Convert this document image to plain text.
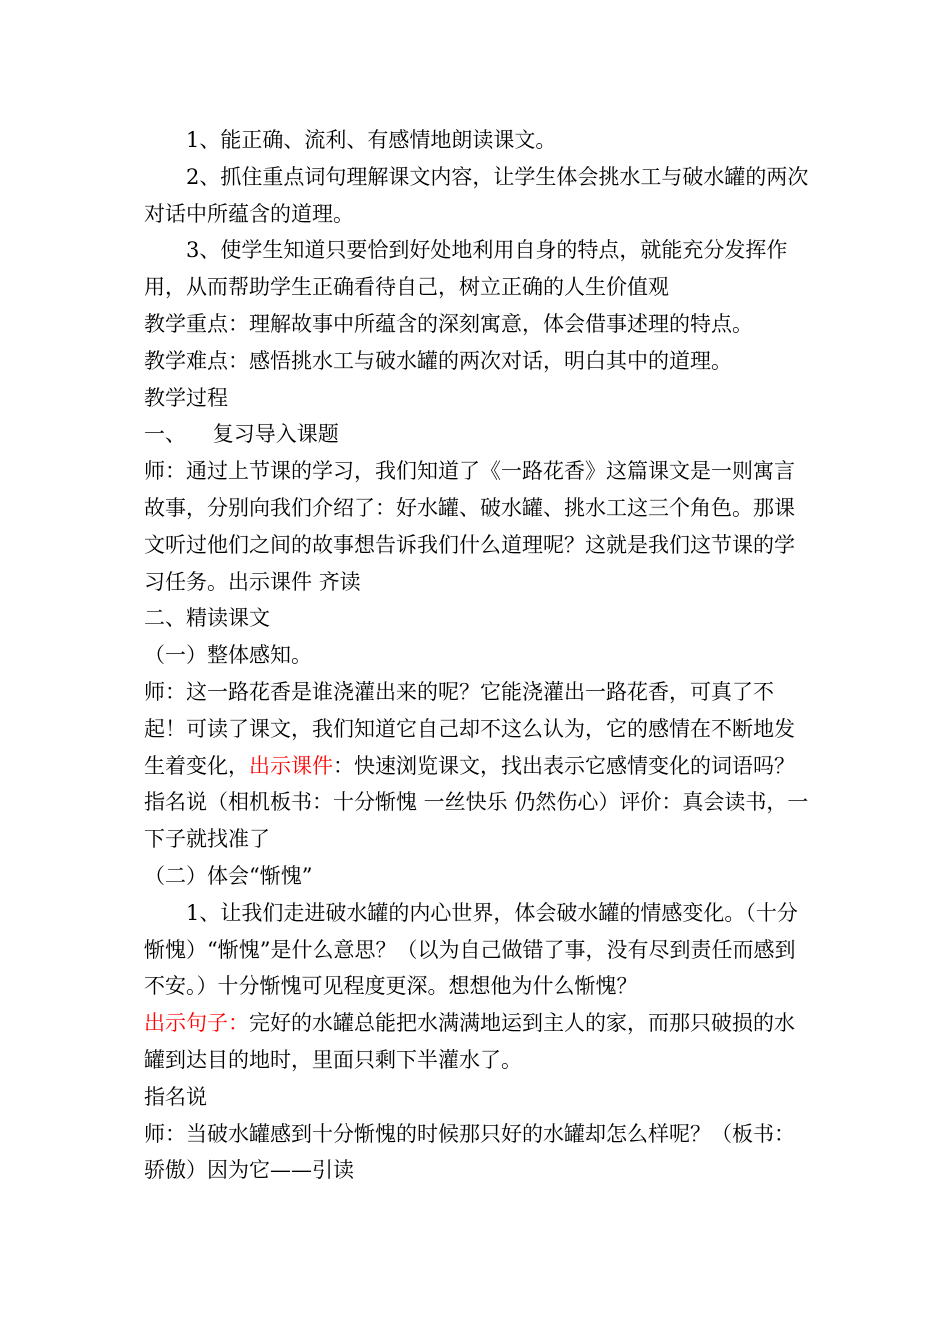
1、能正确、流利、有感情地朗读课文。

2、抓住重点词句理解课文内容，让学生体会挑水工与破水罐的两次对话中所蕴含的道理。

3、使学生知道只要恰到好处地利用自身的特点，就能充分发挥作用，从而帮助学生正确看待自己，树立正确的人生价值观

教学重点：理解故事中所蕴含的深刻寓意，体会借事述理的特点。

教学难点：感悟挑水工与破水罐的两次对话，明白其中的道理。

教学过程

一、    复习导入课题

师：通过上节课的学习，我们知道了《一路花香》这篇课文是一则寓言故事，分别向我们介绍了：好水罐、破水罐、挑水工这三个角色。那课文听过他们之间的故事想告诉我们什么道理呢？这就是我们这节课的学习任务。出示课件 齐读

二、精读课文

（一）整体感知。

师：这一路花香是谁浇灌出来的呢？它能浇灌出一路花香，可真了不起！可读了课文，我们知道它自己却不这么认为，它的感情在不断地发生着变化，出示课件：快速浏览课文，找出表示它感情变化的词语吗？

指名说（相机板书：十分惭愧 一丝快乐 仍然伤心）评价：真会读书，一下子就找准了

（二）体会“惭愧”

1、让我们走进破水罐的内心世界，体会破水罐的情感变化。（十分惭愧）“惭愧”是什么意思？（以为自己做错了事，没有尽到责任而感到不安。）十分惭愧可见程度更深。想想他为什么惭愧？

出示句子：完好的水罐总能把水满满地运到主人的家，而那只破损的水罐到达目的地时，里面只剩下半灌水了。

指名说

师：当破水罐感到十分惭愧的时候那只好的水罐却怎么样呢？（板书：骄傲）因为它——引读
